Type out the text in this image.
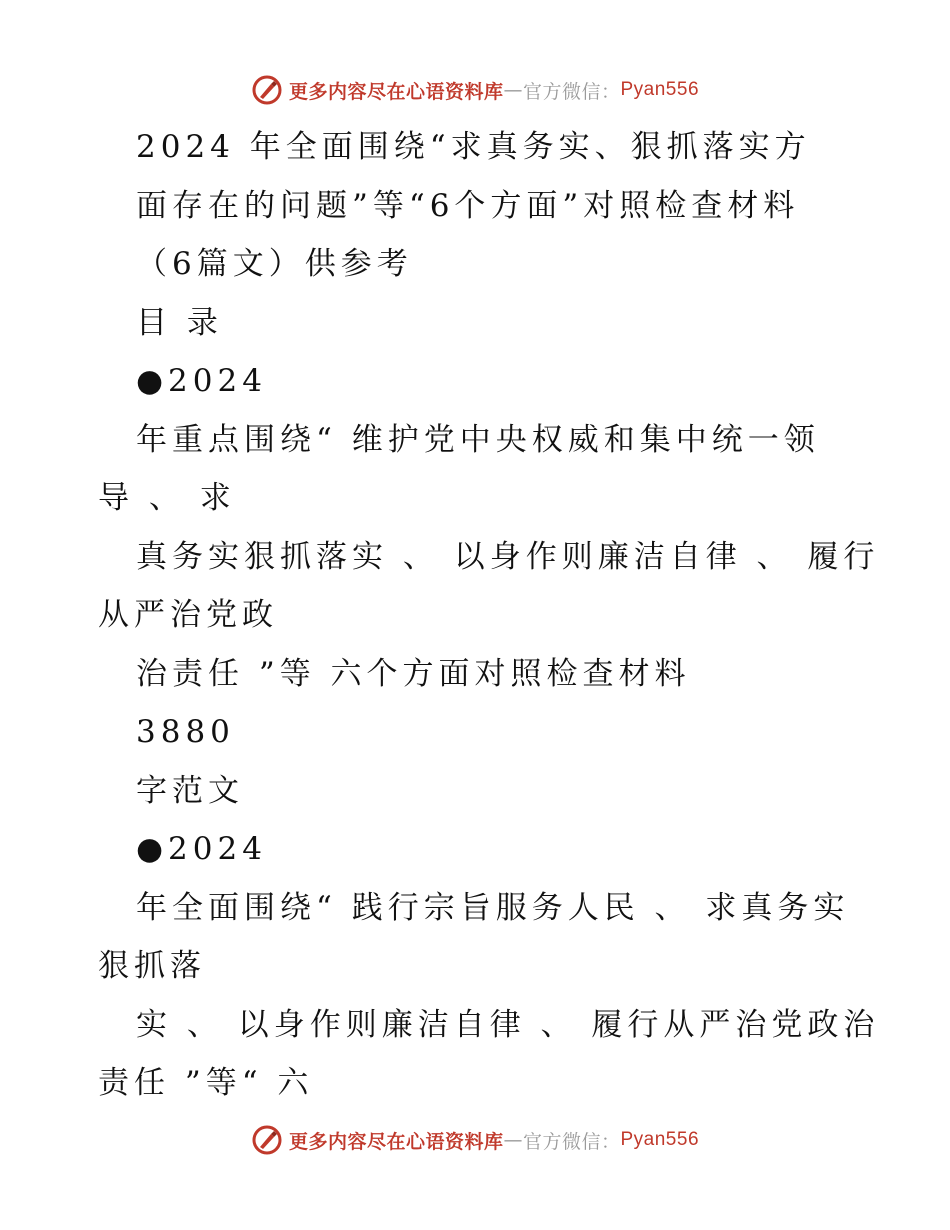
更多内容尽在心语资料库 — 官方微信： Pyan556
2024 年全面围绕“求真务实、狠抓落实方
面存在的问题”等“6个方面”对照检查材料
（6篇文）供参考
目 录
●2024
年重点围绕“ 维护党中央权威和集中统一领
导 、 求
真务实狠抓落实 、 以身作则廉洁自律 、 履行
从严治党政
治责任 ”等 六个方面对照检查材料
3880
字范文
●2024
年全面围绕“ 践行宗旨服务人民 、 求真务实
狠抓落
实 、 以身作则廉洁自律 、 履行从严治党政治
责任 ”等“ 六
更多内容尽在心语资料库 — 官方微信： Pyan556
